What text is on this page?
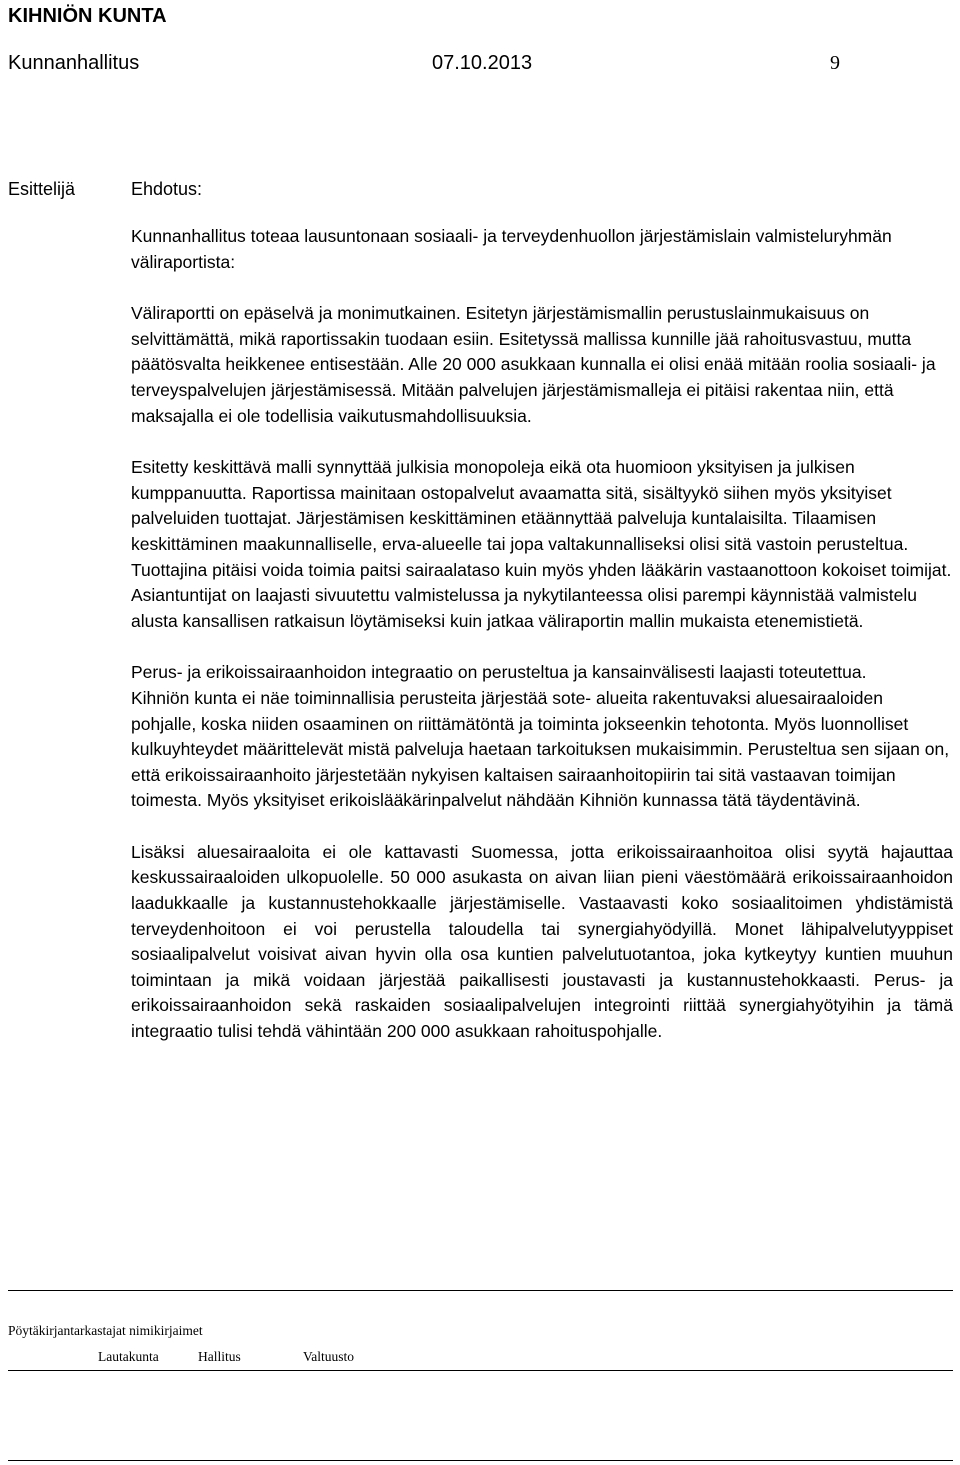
KIHNIÖN KUNTA
Kunnanhallitus	07.10.2013	9
Esittelijä	Ehdotus:

Kunnanhallitus toteaa lausuntonaan sosiaali- ja terveydenhuollon järjestämislain valmisteluryhmän väliraportista:

Väliraportti on epäselvä ja monimutkainen. Esitetyn järjestämismallin perustuslainmukaisuus on selvittämättä, mikä raportissakin tuodaan esiin. Esitetyssä mallissa kunnille jää rahoitusvastuu, mutta päätösvalta heikkenee entisestään. Alle 20 000 asukkaan kunnalla ei olisi enää mitään roolia sosiaali- ja terveyspalvelujen järjestämisessä. Mitään palvelujen järjestämismalleja ei pitäisi rakentaa niin, että maksajalla ei ole todellisia vaikutusmahdollisuuksia.

Esitetty keskittävä malli synnyttää julkisia monopoleja eikä ota huomioon yksityisen ja julkisen kumppanuutta. Raportissa mainitaan ostopalvelut avaamatta sitä, sisältyykö siihen myös yksityiset palveluiden tuottajat. Järjestämisen keskittäminen etäännyttää palveluja kuntalaisilta. Tilaamisen keskittäminen maakunnalliselle, erva-alueelle tai jopa valtakunnalliseksi olisi sitä vastoin perusteltua. Tuottajina pitäisi voida toimia paitsi sairaalataso kuin myös yhden lääkärin vastaanottoon kokoiset toimijat. Asiantuntijat on laajasti sivuutettu valmistelussa ja nykytilanteessa olisi parempi käynnistää valmistelu alusta kansallisen ratkaisun löytämiseksi kuin jatkaa väliraportin mallin mukaista etenemistietä.

Perus- ja erikoissairaanhoidon integraatio on perusteltua ja kansainvälisesti laajasti toteutettua.

Kihniön kunta ei näe toiminnallisia perusteita järjestää sote- alueita rakentuvaksi aluesairaaloiden pohjalle, koska niiden osaaminen on riittämätöntä ja toiminta jokseenkin tehotonta. Myös luonnolliset kulkuyhteydet määrittelevät mistä palveluja haetaan tarkoituksen mukaisimmin. Perusteltua sen sijaan on, että erikoissairaanhoito järjestetään nykyisen kaltaisen sairaanhoitopiirin tai sitä vastaavan toimijan toimesta. Myös yksityiset erikoislääkärinpalvelut nähdään Kihniön kunnassa tätä täydentävinä.

Lisäksi aluesairaaloita ei ole kattavasti Suomessa, jotta erikoissairaanhoitoa olisi syytä hajauttaa keskussairaaloiden ulkopuolelle. 50 000 asukasta on aivan liian pieni väestömäärä erikoissairaanhoidon laadukkaalle ja kustannustehokkaalle järjestämiselle. Vastaavasti koko sosiaalitoimen yhdistämistä terveydenhoitoon ei voi perustella taloudella tai synergiahyödyillä. Monet lähipalvelutyyppiset sosiaalipalvelut voisivat aivan hyvin olla osa kuntien palvelutuotantoa, joka kytkeytyy kuntien muuhun toimintaan ja mikä voidaan järjestää paikallisesti joustavasti ja kustannustehokkaasti. Perus- ja erikoissairaanhoidon sekä raskaiden sosiaalipalvelujen integrointi riittää synergiahyötyihin ja tämä integraatio tulisi tehdä vähintään 200 000 asukkaan rahoituspohjalle.

Pöytäkirjantarkastajat nimikirjaimet
Lautakunta	Hallitus	Valtuusto
